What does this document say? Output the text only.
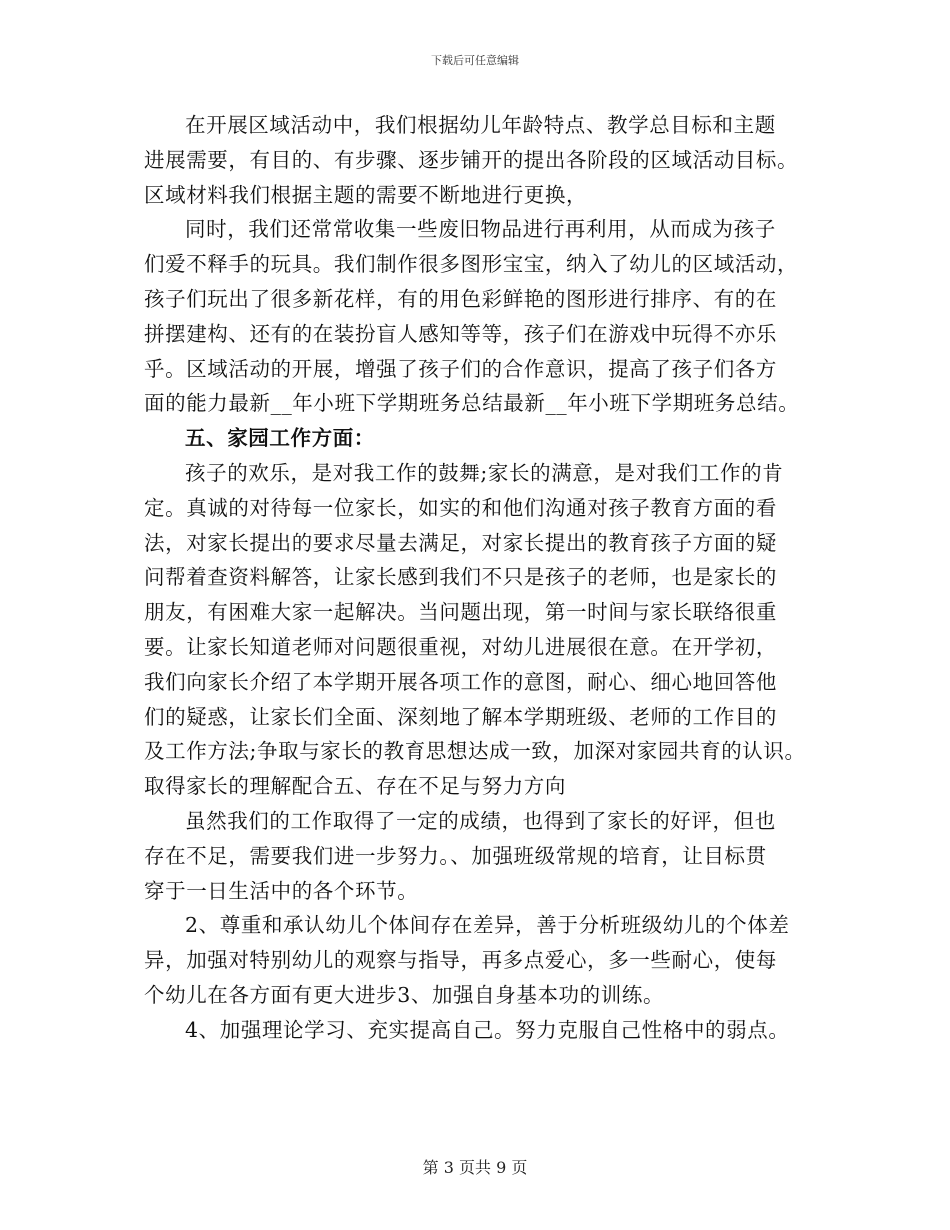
下载后可任意编辑
在开展区域活动中，我们根据幼儿年龄特点、教学总目标和主题
进展需要，有目的、有步骤、逐步铺开的提出各阶段的区域活动目标。
区域材料我们根据主题的需要不断地进行更换，
同时，我们还常常收集一些废旧物品进行再利用，从而成为孩子
们爱不释手的玩具。我们制作很多图形宝宝，纳入了幼儿的区域活动，
孩子们玩出了很多新花样，有的用色彩鲜艳的图形进行排序、有的在
拼摆建构、还有的在装扮盲人感知等等，孩子们在游戏中玩得不亦乐
乎。区域活动的开展，增强了孩子们的合作意识，提高了孩子们各方
面的能力最新__年小班下学期班务总结最新__年小班下学期班务总结。
五、家园工作方面：
孩子的欢乐，是对我工作的鼓舞;家长的满意，是对我们工作的肯
定。真诚的对待每一位家长，如实的和他们沟通对孩子教育方面的看
法，对家长提出的要求尽量去满足，对家长提出的教育孩子方面的疑
问帮着查资料解答，让家长感到我们不只是孩子的老师，也是家长的
朋友，有困难大家一起解决。当问题出现，第一时间与家长联络很重
要。让家长知道老师对问题很重视，对幼儿进展很在意。在开学初，
我们向家长介绍了本学期开展各项工作的意图，耐心、细心地回答他
们的疑惑，让家长们全面、深刻地了解本学期班级、老师的工作目的
及工作方法;争取与家长的教育思想达成一致，加深对家园共育的认识。
取得家长的理解配合五、存在不足与努力方向
虽然我们的工作取得了一定的成绩，也得到了家长的好评，但也
存在不足，需要我们进一步努力。、加强班级常规的培育，让目标贯
穿于一日生活中的各个环节。
2、尊重和承认幼儿个体间存在差异，善于分析班级幼儿的个体差
异，加强对特别幼儿的观察与指导，再多点爱心，多一些耐心，使每
个幼儿在各方面有更大进步3、加强自身基本功的训练。
4、加强理论学习、充实提高自己。努力克服自己性格中的弱点。
第 3 页共 9 页
